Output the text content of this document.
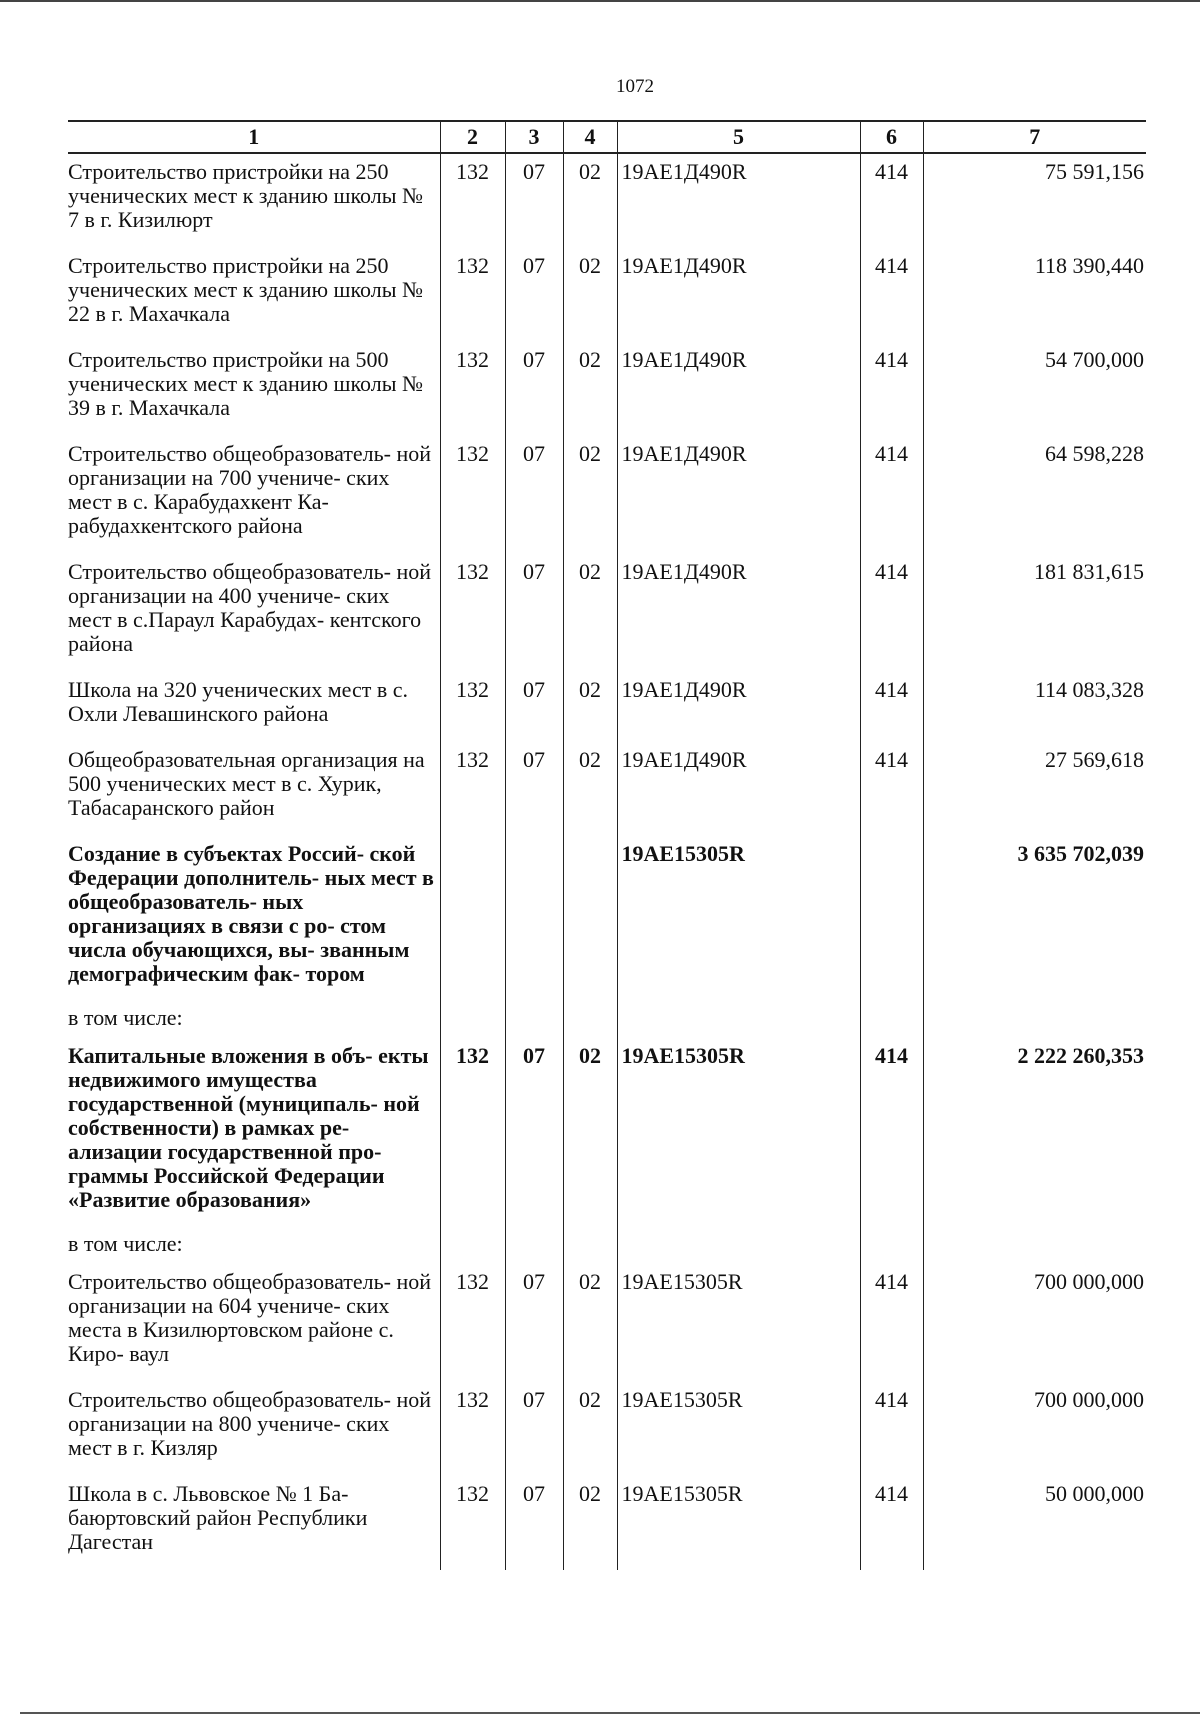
1072
1	2	3	4	5	6	7
Строительство пристройки на 250 ученических мест к зданию школы № 7 в г. Кизилюрт	132	07	02	19АЕ1Д490R	414	75 591,156
Строительство пристройки на 250 ученических мест к зданию школы № 22 в г. Махачкала	132	07	02	19АЕ1Д490R	414	118 390,440
Строительство пристройки на 500 ученических мест к зданию школы № 39 в г. Махачкала	132	07	02	19АЕ1Д490R	414	54 700,000
Строительство общеобразователь- ной организации на 700 учениче- ских мест в с. Карабудахкент Ка- рабудахкентского района	132	07	02	19АЕ1Д490R	414	64 598,228
Строительство общеобразователь- ной организации на 400 учениче- ских мест в с.Параул Карабудах- кентского района	132	07	02	19АЕ1Д490R	414	181 831,615
Школа на 320 ученических мест в с. Охли Левашинского района	132	07	02	19АЕ1Д490R	414	114 083,328
Общеобразовательная организация на 500 ученических мест в с. Хурик, Табасаранского район	132	07	02	19АЕ1Д490R	414	27 569,618
Создание в субъектах Россий- ской Федерации дополнитель- ных мест в общеобразователь- ных организациях в связи с ро- стом числа обучающихся, вы- званным демографическим фак- тором				19АЕ15305R		3 635 702,039
в том числе:						
Капитальные вложения в объ- екты недвижимого имущества государственной (муниципаль- ной собственности) в рамках ре- ализации государственной про- граммы Российской Федерации «Развитие образования»	132	07	02	19АЕ15305R	414	2 222 260,353
в том числе:						
Строительство общеобразователь- ной организации на 604 учениче- ских места в Кизилюртовском районе с. Киро- ваул	132	07	02	19АЕ15305R	414	700 000,000
Строительство общеобразователь- ной организации на 800 учениче- ских мест в г. Кизляр	132	07	02	19АЕ15305R	414	700 000,000
Школа в с. Львовское № 1 Ба- баюртовский район Республики Дагестан	132	07	02	19АЕ15305R	414	50 000,000
